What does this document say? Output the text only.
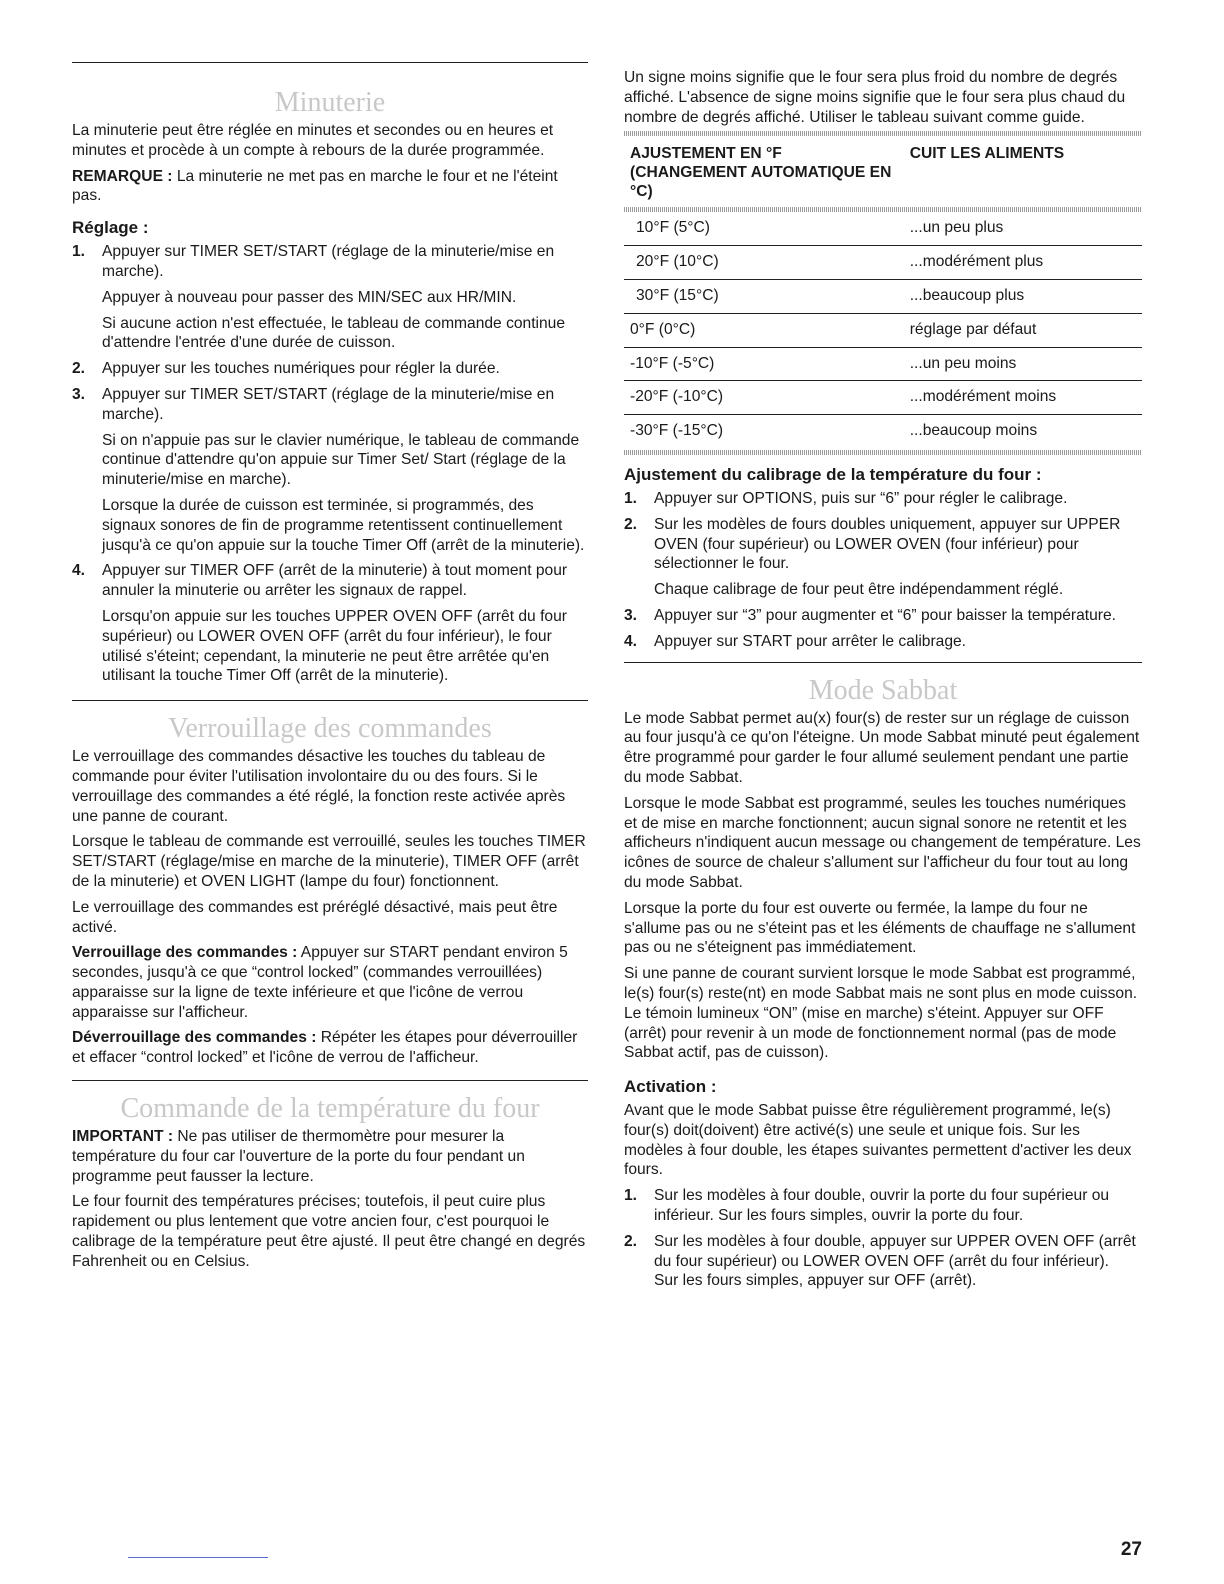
Minuterie

La minuterie peut être réglée en minutes et secondes ou en heures et minutes et procède à un compte à rebours de la durée programmée.

REMARQUE : La minuterie ne met pas en marche le four et ne l'éteint pas.

Réglage :
1. Appuyer sur TIMER SET/START (réglage de la minuterie/mise en marche).

Appuyer à nouveau pour passer des MIN/SEC aux HR/MIN.

Si aucune action n'est effectuée, le tableau de commande continue d'attendre l'entrée d'une durée de cuisson.

2. Appuyer sur les touches numériques pour régler la durée.

3. Appuyer sur TIMER SET/START (réglage de la minuterie/mise en marche).

Si on n'appuie pas sur le clavier numérique, le tableau de commande continue d'attendre qu'on appuie sur Timer Set/ Start (réglage de la minuterie/mise en marche).

Lorsque la durée de cuisson est terminée, si programmés, des signaux sonores de fin de programme retentissent continuellement jusqu'à ce qu'on appuie sur la touche Timer Off (arrêt de la minuterie).

4. Appuyer sur TIMER OFF (arrêt de la minuterie) à tout moment pour annuler la minuterie ou arrêter les signaux de rappel.

Lorsqu'on appuie sur les touches UPPER OVEN OFF (arrêt du four supérieur) ou LOWER OVEN OFF (arrêt du four inférieur), le four utilisé s'éteint; cependant, la minuterie ne peut être arrêtée qu'en utilisant la touche Timer Off (arrêt de la minuterie).

Verrouillage des commandes

Le verrouillage des commandes désactive les touches du tableau de commande pour éviter l'utilisation involontaire du ou des fours. Si le verrouillage des commandes a été réglé, la fonction reste activée après une panne de courant.

Lorsque le tableau de commande est verrouillé, seules les touches TIMER SET/START (réglage/mise en marche de la minuterie), TIMER OFF (arrêt de la minuterie) et OVEN LIGHT (lampe du four) fonctionnent.

Le verrouillage des commandes est préréglé désactivé, mais peut être activé.

Verrouillage des commandes : Appuyer sur START pendant environ 5 secondes, jusqu'à ce que “control locked” (commandes verrouillées) apparaisse sur la ligne de texte inférieure et que l'icône de verrou apparaisse sur l'afficheur.

Déverrouillage des commandes : Répéter les étapes pour déverrouiller et effacer “control locked” et l'icône de verrou de l'afficheur.

Commande de la température du four

IMPORTANT : Ne pas utiliser de thermomètre pour mesurer la température du four car l'ouverture de la porte du four pendant un programme peut fausser la lecture.

Le four fournit des températures précises; toutefois, il peut cuire plus rapidement ou plus lentement que votre ancien four, c'est pourquoi le calibrage de la température peut être ajusté. Il peut être changé en degrés Fahrenheit ou en Celsius.

Un signe moins signifie que le four sera plus froid du nombre de degrés affiché. L'absence de signe moins signifie que le four sera plus chaud du nombre de degrés affiché. Utiliser le tableau suivant comme guide.

AJUSTEMENT EN °F (CHANGEMENT AUTOMATIQUE EN °C)	CUIT LES ALIMENTS

10°F (5°C)	...un peu plus
20°F (10°C)	...modérément plus
30°F (15°C)	...beaucoup plus
0°F (0°C)	réglage par défaut
-10°F (-5°C)	...un peu moins
-20°F (-10°C)	...modérément moins
-30°F (-15°C)	...beaucoup moins
Ajustement du calibrage de la température du four :
1. Appuyer sur OPTIONS, puis sur “6” pour régler le calibrage.

2. Sur les modèles de fours doubles uniquement, appuyer sur UPPER OVEN (four supérieur) ou LOWER OVEN (four inférieur) pour sélectionner le four.

Chaque calibrage de four peut être indépendamment réglé.

3. Appuyer sur “3” pour augmenter et “6” pour baisser la température.

4. Appuyer sur START pour arrêter le calibrage.

Mode Sabbat

Le mode Sabbat permet au(x) four(s) de rester sur un réglage de cuisson au four jusqu'à ce qu'on l'éteigne. Un mode Sabbat minuté peut également être programmé pour garder le four allumé seulement pendant une partie du mode Sabbat.

Lorsque le mode Sabbat est programmé, seules les touches numériques et de mise en marche fonctionnent; aucun signal sonore ne retentit et les afficheurs n'indiquent aucun message ou changement de température. Les icônes de source de chaleur s'allument sur l'afficheur du four tout au long du mode Sabbat.

Lorsque la porte du four est ouverte ou fermée, la lampe du four ne s'allume pas ou ne s'éteint pas et les éléments de chauffage ne s'allument pas ou ne s'éteignent pas immédiatement.

Si une panne de courant survient lorsque le mode Sabbat est programmé, le(s) four(s) reste(nt) en mode Sabbat mais ne sont plus en mode cuisson. Le témoin lumineux “ON” (mise en marche) s'éteint. Appuyer sur OFF (arrêt) pour revenir à un mode de fonctionnement normal (pas de mode Sabbat actif, pas de cuisson).

Activation :

Avant que le mode Sabbat puisse être régulièrement programmé, le(s) four(s) doit(doivent) être activé(s) une seule et unique fois. Sur les modèles à four double, les étapes suivantes permettent d'activer les deux fours.

1. Sur les modèles à four double, ouvrir la porte du four supérieur ou inférieur. Sur les fours simples, ouvrir la porte du four.

2. Sur les modèles à four double, appuyer sur UPPER OVEN OFF (arrêt du four supérieur) ou LOWER OVEN OFF (arrêt du four inférieur).

Sur les fours simples, appuyer sur OFF (arrêt).

27
